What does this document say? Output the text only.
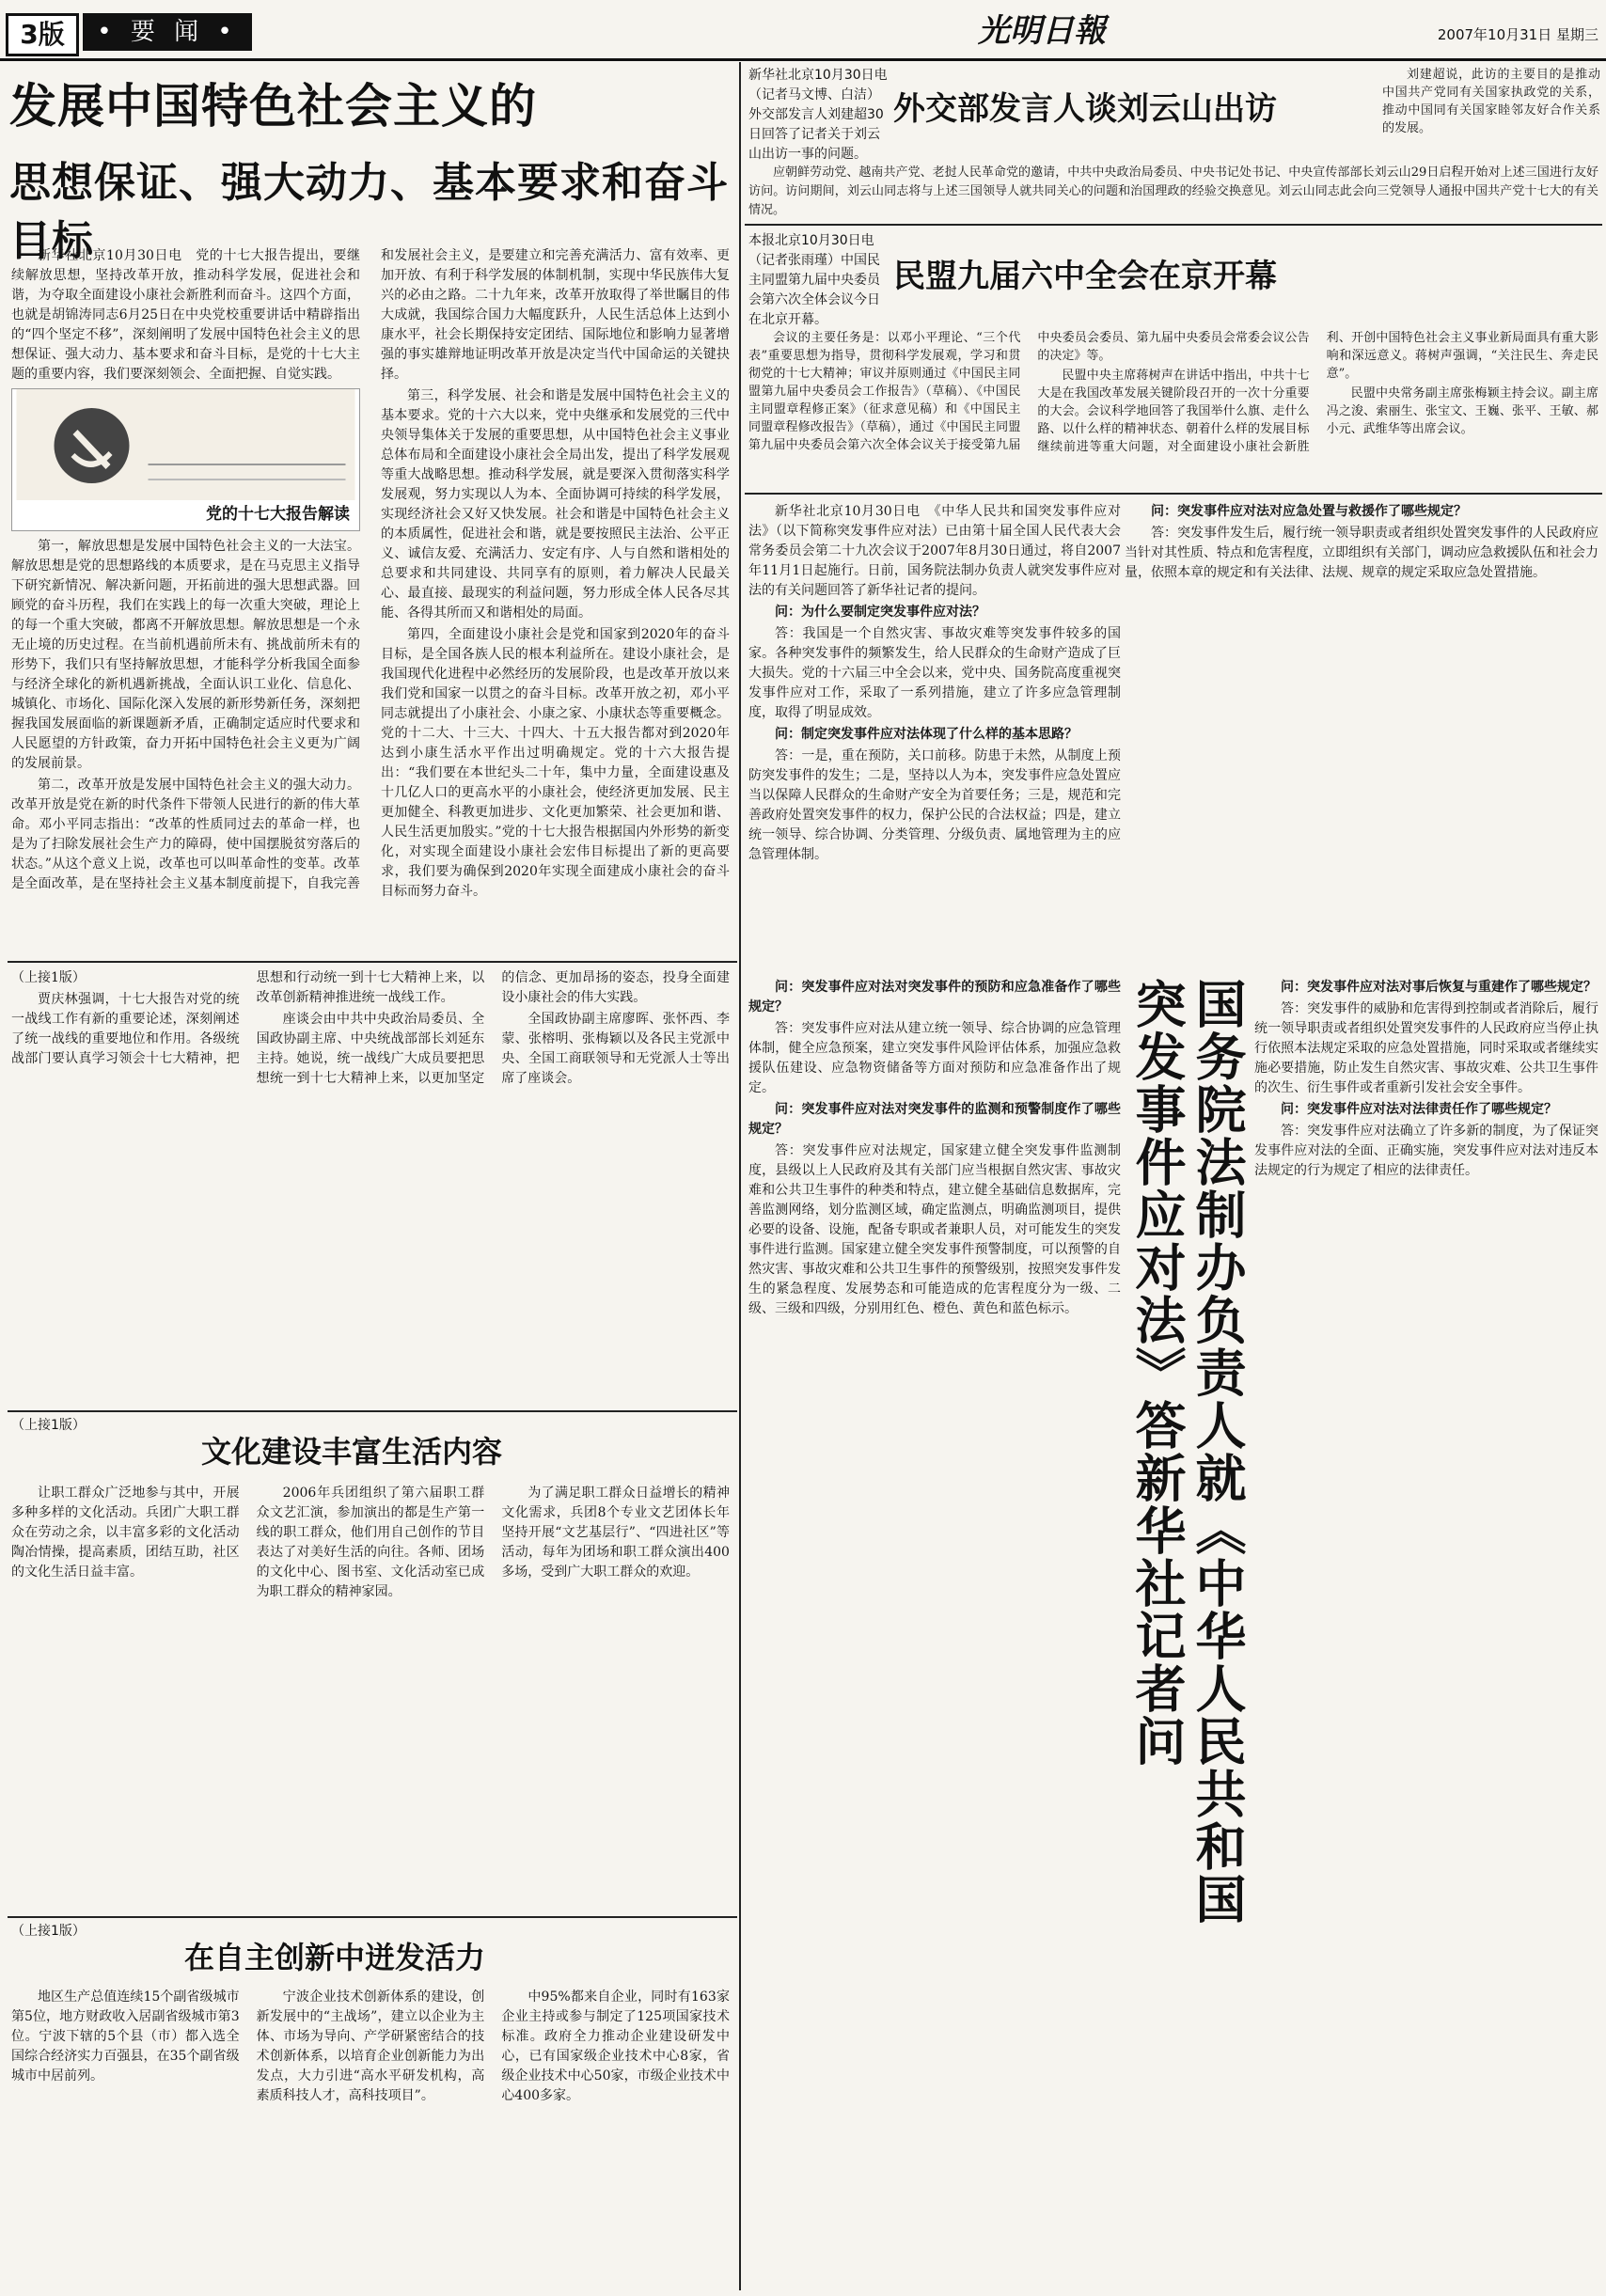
3版	• 要 闻 •	光明日報	2007年10月31日 星期三
发展中国特色社会主义的
思想保证、强大动力、基本要求和奋斗目标

新华社北京10月30日电　党的十七大报告提出，要继续解放思想，坚持改革开放，推动科学发展，促进社会和谐，为夺取全面建设小康社会新胜利而奋斗。这四个方面，也就是胡锦涛同志6月25日在中央党校重要讲话中精辟指出的“四个坚定不移”，深刻阐明了发展中国特色社会主义的思想保证、强大动力、基本要求和奋斗目标，是党的十七大主题的重要内容，我们要深刻领会、全面把握、自觉实践。

党的十七大报告解读

第一，解放思想是发展中国特色社会主义的一大法宝。解放思想是党的思想路线的本质要求，是在马克思主义指导下研究新情况、解决新问题，开拓前进的强大思想武器。回顾党的奋斗历程，我们在实践上的每一次重大突破，理论上的每一个重大突破，都离不开解放思想。解放思想是一个永无止境的历史过程。在当前机遇前所未有、挑战前所未有的形势下，我们只有坚持解放思想，才能科学分析我国全面参与经济全球化的新机遇新挑战，全面认识工业化、信息化、城镇化、市场化、国际化深入发展的新形势新任务，深刻把握我国发展面临的新课题新矛盾，正确制定适应时代要求和人民愿望的方针政策，奋力开拓中国特色社会主义更为广阔的发展前景。

第二，改革开放是发展中国特色社会主义的强大动力。改革开放是党在新的时代条件下带领人民进行的新的伟大革命。邓小平同志指出：“改革的性质同过去的革命一样，也是为了扫除发展社会生产力的障碍，使中国摆脱贫穷落后的状态。”从这个意义上说，改革也可以叫革命性的变革。改革是全面改革，是在坚持社会主义基本制度前提下，自我完善和发展社会主义，是要建立和完善充满活力、富有效率、更加开放、有利于科学发展的体制机制，实现中华民族伟大复兴的必由之路。二十九年来，改革开放取得了举世瞩目的伟大成就，我国综合国力大幅度跃升，人民生活总体上达到小康水平，社会长期保持安定团结、国际地位和影响力显著增强的事实雄辩地证明改革开放是决定当代中国命运的关键抉择。

第三，科学发展、社会和谐是发展中国特色社会主义的基本要求。党的十六大以来，党中央继承和发展党的三代中央领导集体关于发展的重要思想，从中国特色社会主义事业总体布局和全面建设小康社会全局出发，提出了科学发展观等重大战略思想。推动科学发展，就是要深入贯彻落实科学发展观，努力实现以人为本、全面协调可持续的科学发展，实现经济社会又好又快发展。社会和谐是中国特色社会主义的本质属性，促进社会和谐，就是要按照民主法治、公平正义、诚信友爱、充满活力、安定有序、人与自然和谐相处的总要求和共同建设、共同享有的原则，着力解决人民最关心、最直接、最现实的利益问题，努力形成全体人民各尽其能、各得其所而又和谐相处的局面。

第四，全面建设小康社会是党和国家到2020年的奋斗目标，是全国各族人民的根本利益所在。建设小康社会，是我国现代化进程中必然经历的发展阶段，也是改革开放以来我们党和国家一以贯之的奋斗目标。改革开放之初，邓小平同志就提出了小康社会、小康之家、小康状态等重要概念。党的十二大、十三大、十四大、十五大报告都对到2020年达到小康生活水平作出过明确规定。党的十六大报告提出：“我们要在本世纪头二十年，集中力量，全面建设惠及十几亿人口的更高水平的小康社会，使经济更加发展、民主更加健全、科教更加进步、文化更加繁荣、社会更加和谐、人民生活更加殷实。”党的十七大报告根据国内外形势的新变化，对实现全面建设小康社会宏伟目标提出了新的更高要求，我们要为确保到2020年实现全面建成小康社会的奋斗目标而努力奋斗。

新华社北京10月30日电（记者马文博、白洁）外交部发言人刘建超30日回答了记者关于刘云山出访一事的问题。
外交部发言人谈刘云山出访

刘建超说，此访的主要目的是推动中国共产党同有关国家执政党的关系，推动中国同有关国家睦邻友好合作关系的发展。

应朝鲜劳动党、越南共产党、老挝人民革命党的邀请，中共中央政治局委员、中央书记处书记、中央宣传部部长刘云山29日启程开始对上述三国进行友好访问。访问期间，刘云山同志将与上述三国领导人就共同关心的问题和治国理政的经验交换意见。刘云山同志此会向三党领导人通报中国共产党十七大的有关情况。

本报北京10月30日电（记者张雨瑾）中国民主同盟第九届中央委员会第六次全体会议今日在北京开幕。
民盟九届六中全会在京开幕

会议的主要任务是：以邓小平理论、“三个代表”重要思想为指导，贯彻科学发展观，学习和贯彻党的十七大精神；审议并原则通过《中国民主同盟第九届中央委员会工作报告》（草稿）、《中国民主同盟章程修正案》（征求意见稿）和《中国民主同盟章程修改报告》（草稿），通过《中国民主同盟第九届中央委员会第六次全体会议关于接受第九届中央委员会委员、第九届中央委员会常委会议公告的决定》等。

民盟中央主席蒋树声在讲话中指出，中共十七大是在我国改革发展关键阶段召开的一次十分重要的大会。会议科学地回答了我国举什么旗、走什么路、以什么样的精神状态、朝着什么样的发展目标继续前进等重大问题，对全面建设小康社会新胜利、开创中国特色社会主义事业新局面具有重大影响和深远意义。蒋树声强调，“关注民生、奔走民意”。

民盟中央常务副主席张梅颖主持会议。副主席冯之浚、索丽生、张宝文、王巍、张平、王敏、郝小元、武维华等出席会议。

新华社北京10月30日电　《中华人民共和国突发事件应对法》（以下简称突发事件应对法）已由第十届全国人民代表大会常务委员会第二十九次会议于2007年8月30日通过，将自2007年11月1日起施行。日前，国务院法制办负责人就突发事件应对法的有关问题回答了新华社记者的提问。

问：为什么要制定突发事件应对法？

答：我国是一个自然灾害、事故灾难等突发事件较多的国家。各种突发事件的频繁发生，给人民群众的生命财产造成了巨大损失。党的十六届三中全会以来，党中央、国务院高度重视突发事件应对工作，采取了一系列措施，建立了许多应急管理制度，取得了明显成效。

问：制定突发事件应对法体现了什么样的基本思路？

答：一是，重在预防，关口前移。防患于未然，从制度上预防突发事件的发生；二是，坚持以人为本，突发事件应急处置应当以保障人民群众的生命财产安全为首要任务；三是，规范和完善政府处置突发事件的权力，保护公民的合法权益；四是，建立统一领导、综合协调、分类管理、分级负责、属地管理为主的应急管理体制。

国务院法制办负责人就《中华人民共和国突发事件应对法》答新华社记者问

问：突发事件应对法对突发事件的预防和应急准备作了哪些规定？

答：突发事件应对法从建立统一领导、综合协调的应急管理体制，健全应急预案，建立突发事件风险评估体系，加强应急救援队伍建设、应急物资储备等方面对预防和应急准备作出了规定。

问：突发事件应对法对突发事件的监测和预警制度作了哪些规定？

答：突发事件应对法规定，国家建立健全突发事件监测制度，县级以上人民政府及其有关部门应当根据自然灾害、事故灾难和公共卫生事件的种类和特点，建立健全基础信息数据库，完善监测网络，划分监测区域，确定监测点，明确监测项目，提供必要的设备、设施，配备专职或者兼职人员，对可能发生的突发事件进行监测。国家建立健全突发事件预警制度，可以预警的自然灾害、事故灾难和公共卫生事件的预警级别，按照突发事件发生的紧急程度、发展势态和可能造成的危害程度分为一级、二级、三级和四级，分别用红色、橙色、黄色和蓝色标示。

问：突发事件应对法对应急处置与救援作了哪些规定？

答：突发事件发生后，履行统一领导职责或者组织处置突发事件的人民政府应当针对其性质、特点和危害程度，立即组织有关部门，调动应急救援队伍和社会力量，依照本章的规定和有关法律、法规、规章的规定采取应急处置措施。

问：突发事件应对法对事后恢复与重建作了哪些规定？

答：突发事件的威胁和危害得到控制或者消除后，履行统一领导职责或者组织处置突发事件的人民政府应当停止执行依照本法规定采取的应急处置措施，同时采取或者继续实施必要措施，防止发生自然灾害、事故灾难、公共卫生事件的次生、衍生事件或者重新引发社会安全事件。

问：突发事件应对法对法律责任作了哪些规定？

答：突发事件应对法确立了许多新的制度，为了保证突发事件应对法的全面、正确实施，突发事件应对法对违反本法规定的行为规定了相应的法律责任。

（上接1版）

贾庆林强调，十七大报告对党的统一战线工作有新的重要论述，深刻阐述了统一战线的重要地位和作用。各级统战部门要认真学习领会十七大精神，把思想和行动统一到十七大精神上来，以改革创新精神推进统一战线工作。

座谈会由中共中央政治局委员、全国政协副主席、中央统战部部长刘延东主持。她说，统一战线广大成员要把思想统一到十七大精神上来，以更加坚定的信念、更加昂扬的姿态，投身全面建设小康社会的伟大实践。

全国政协副主席廖晖、张怀西、李蒙、张榕明、张梅颖以及各民主党派中央、全国工商联领导和无党派人士等出席了座谈会。

（上接1版）
文化建设丰富生活内容

让职工群众广泛地参与其中，开展多种多样的文化活动。兵团广大职工群众在劳动之余，以丰富多彩的文化活动陶冶情操，提高素质，团结互助，社区的文化生活日益丰富。

2006年兵团组织了第六届职工群众文艺汇演，参加演出的都是生产第一线的职工群众，他们用自己创作的节目表达了对美好生活的向往。各师、团场的文化中心、图书室、文化活动室已成为职工群众的精神家园。

为了满足职工群众日益增长的精神文化需求，兵团8个专业文艺团体长年坚持开展“文艺基层行”、“四进社区”等活动，每年为团场和职工群众演出400多场，受到广大职工群众的欢迎。

（上接1版）
在自主创新中迸发活力

地区生产总值连续15个副省级城市第5位，地方财政收入居副省级城市第3位。宁波下辖的5个县（市）都入选全国综合经济实力百强县，在35个副省级城市中居前列。

宁波企业技术创新体系的建设，创新发展中的“主战场”，建立以企业为主体、市场为导向、产学研紧密结合的技术创新体系，以培育企业创新能力为出发点，大力引进“高水平研发机构，高素质科技人才，高科技项目”。

中95%都来自企业，同时有163家企业主持或参与制定了125项国家技术标准。政府全力推动企业建设研发中心，已有国家级企业技术中心8家，省级企业技术中心50家，市级企业技术中心400多家。
